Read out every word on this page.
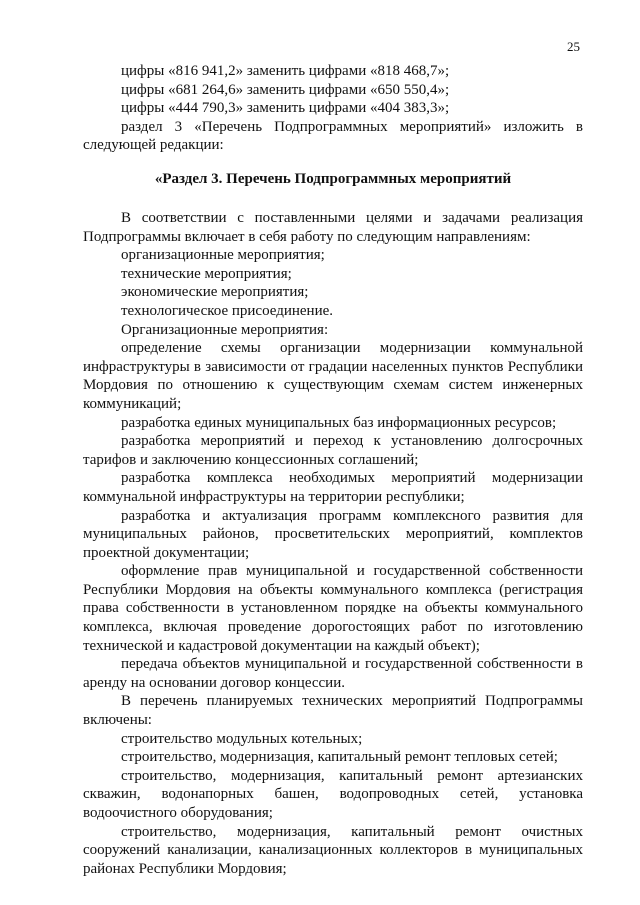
25

цифры «816 941,2» заменить цифрами «818 468,7»;

цифры «681 264,6» заменить цифрами «650 550,4»;

цифры «444 790,3» заменить цифрами «404 383,3»;

раздел 3 «Перечень Подпрограммных мероприятий» изложить в следующей редакции:

«Раздел 3. Перечень Подпрограммных мероприятий

В соответствии с поставленными целями и задачами реализация Подпрограммы включает в себя работу по следующим направлениям:

организационные мероприятия;

технические мероприятия;

экономические мероприятия;

технологическое присоединение.

Организационные мероприятия:

определение схемы организации модернизации коммунальной инфраструктуры в зависимости от градации населенных пунктов Республики Мордовия по отношению к существующим схемам систем инженерных коммуникаций;

разработка единых муниципальных баз информационных ресурсов;

разработка мероприятий и переход к установлению долгосрочных тарифов и заключению концессионных соглашений;

разработка комплекса необходимых мероприятий модернизации коммунальной инфраструктуры на территории республики;

разработка и актуализация программ комплексного развития для муниципальных районов, просветительских мероприятий, комплектов проектной документации;

оформление прав муниципальной и государственной собственности Республики Мордовия на объекты коммунального комплекса (регистрация права собственности в установленном порядке на объекты коммунального комплекса, включая проведение дорогостоящих работ по изготовлению технической и кадастровой документации на каждый объект);

передача объектов муниципальной и государственной собственности в аренду на основании договор концессии.

В перечень планируемых технических мероприятий Подпрограммы включены:

строительство модульных котельных;

строительство, модернизация, капитальный ремонт тепловых сетей;

строительство, модернизация, капитальный ремонт артезианских скважин, водонапорных башен, водопроводных сетей, установка водоочистного оборудования;

строительство, модернизация, капитальный ремонт очистных сооружений канализации, канализационных коллекторов в муниципальных районах Республики Мордовия;
